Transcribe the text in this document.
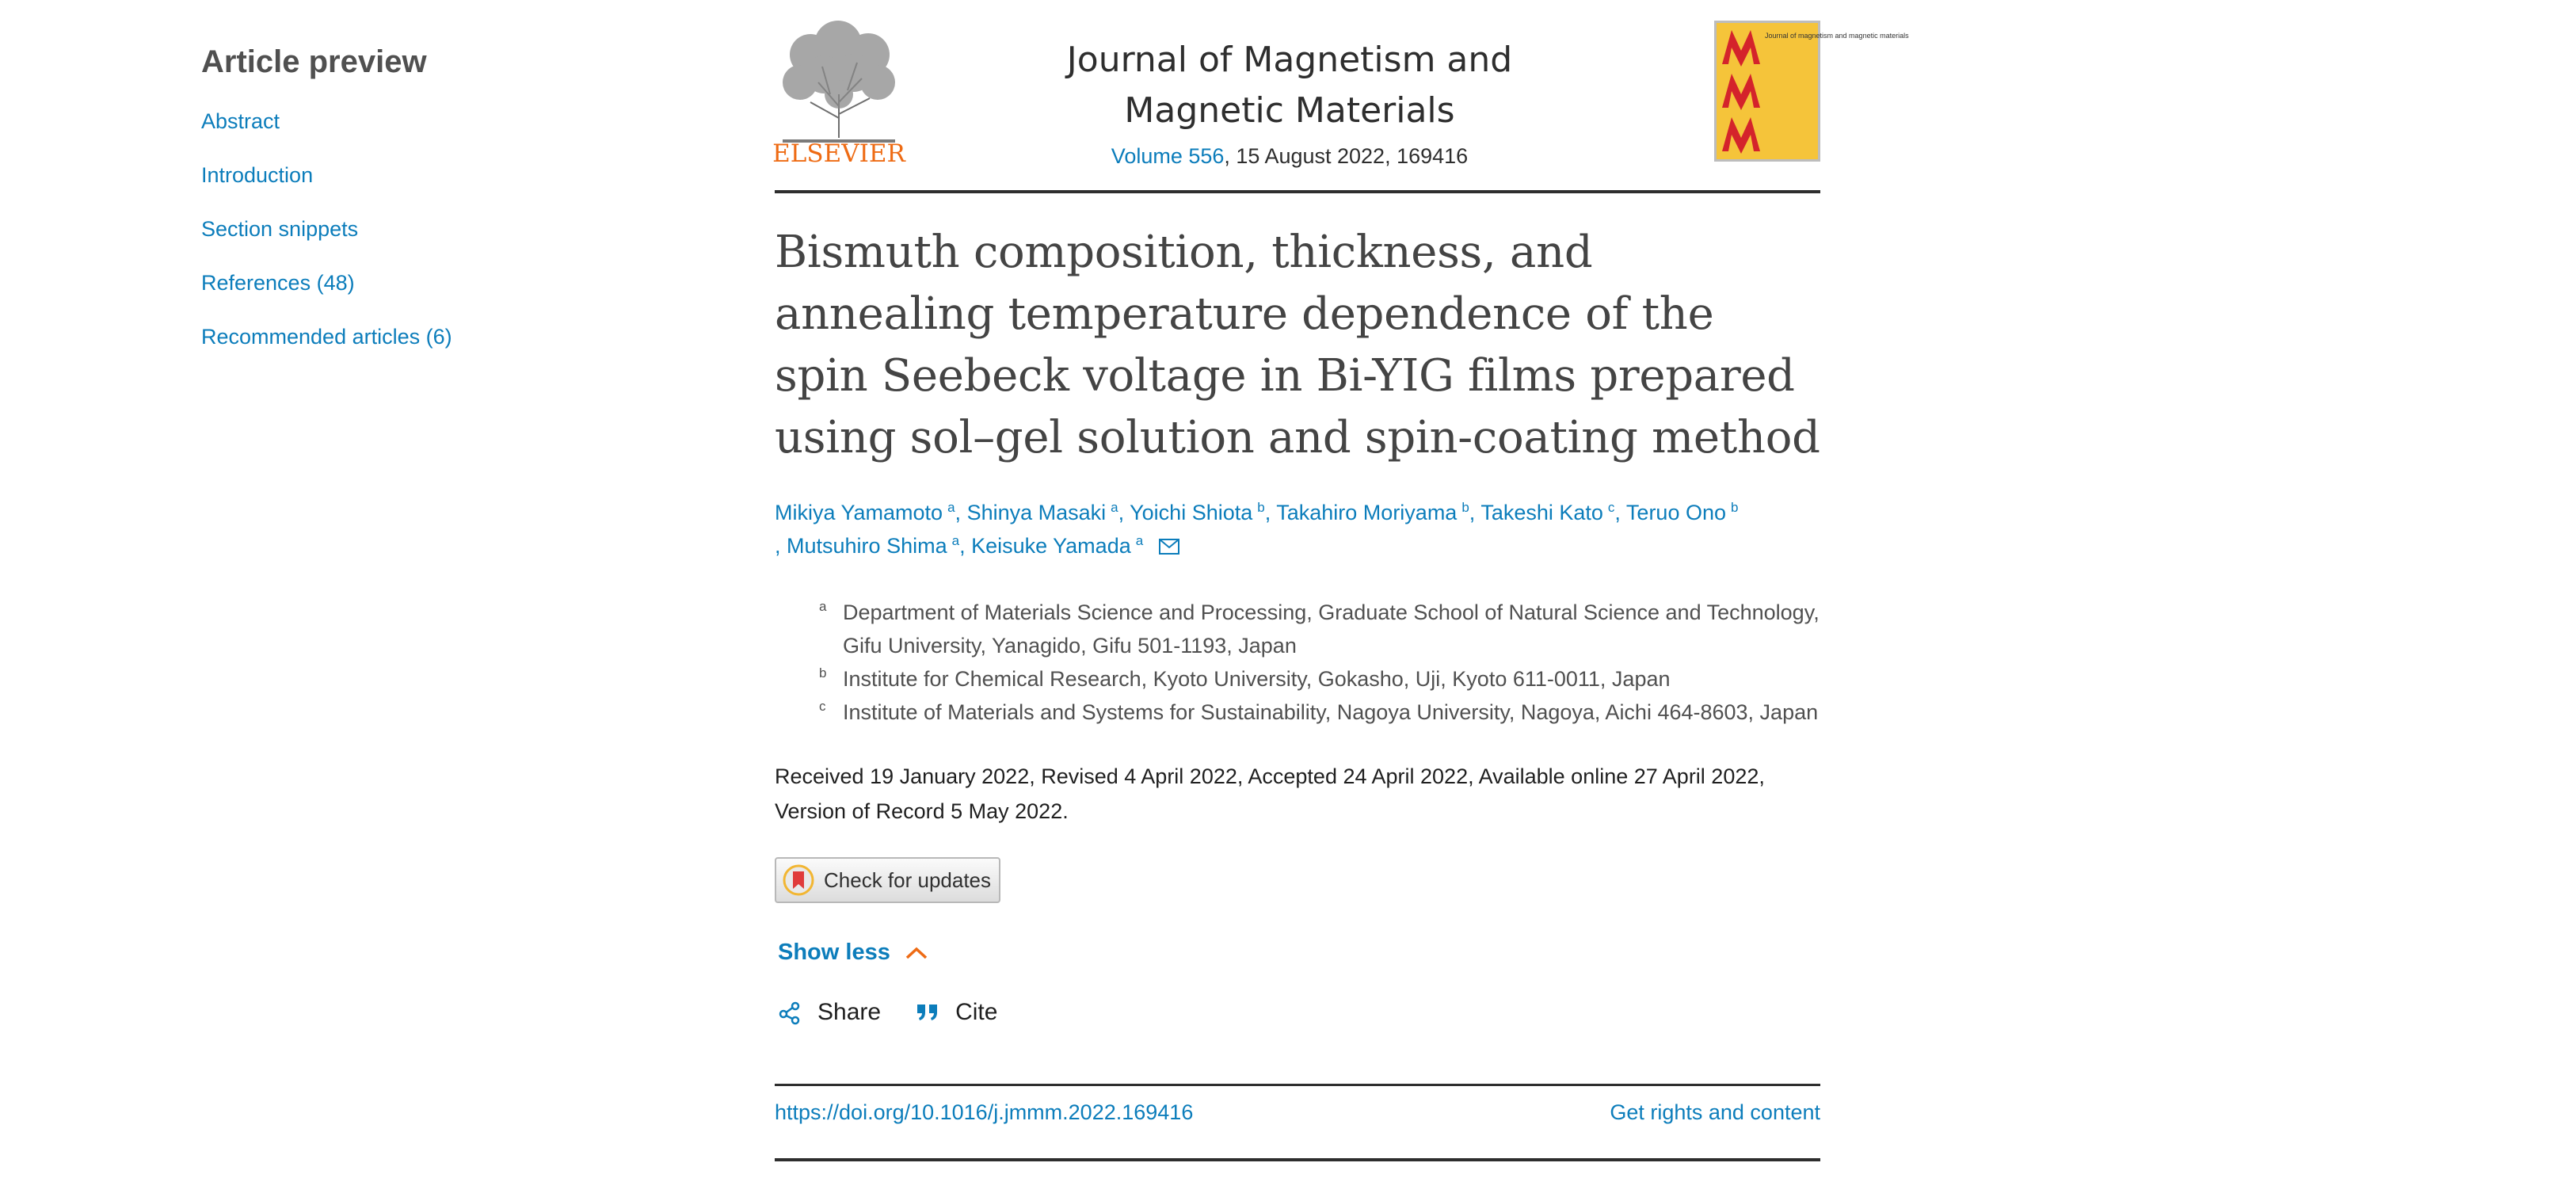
Article preview
Abstract
Introduction
Section snippets
References (48)
Recommended articles (6)
ELSEVIER
Journal of Magnetism and Magnetic Materials
Volume 556, 15 August 2022, 169416
Journal of magnetism and magnetic materials
Bismuth composition, thickness, and annealing temperature dependence of the spin Seebeck voltage in Bi-YIG films prepared using sol–gel solution and spin-coating method
Mikiya Yamamoto $^a$, Shinya Masaki $^a$, Yoichi Shiota $^b$, Takahiro Moriyama $^b$, Takeshi Kato $^c$, Teruo Ono $^b$
, Mutsuhiro Shima $^a$, Keisuke Yamada $^a$
a Department of Materials Science and Processing, Graduate School of Natural Science and Technology, Gifu University, Yanagido, Gifu 501-1193, Japan
b Institute for Chemical Research, Kyoto University, Gokasho, Uji, Kyoto 611-0011, Japan
c Institute of Materials and Systems for Sustainability, Nagoya University, Nagoya, Aichi 464-8603, Japan
Received 19 January 2022, Revised 4 April 2022, Accepted 24 April 2022, Available online 27 April 2022, Version of Record 5 May 2022.
Check for updates
Show less
Share	Cite
https://doi.org/10.1016/j.jmmm.2022.169416	Get rights and content
